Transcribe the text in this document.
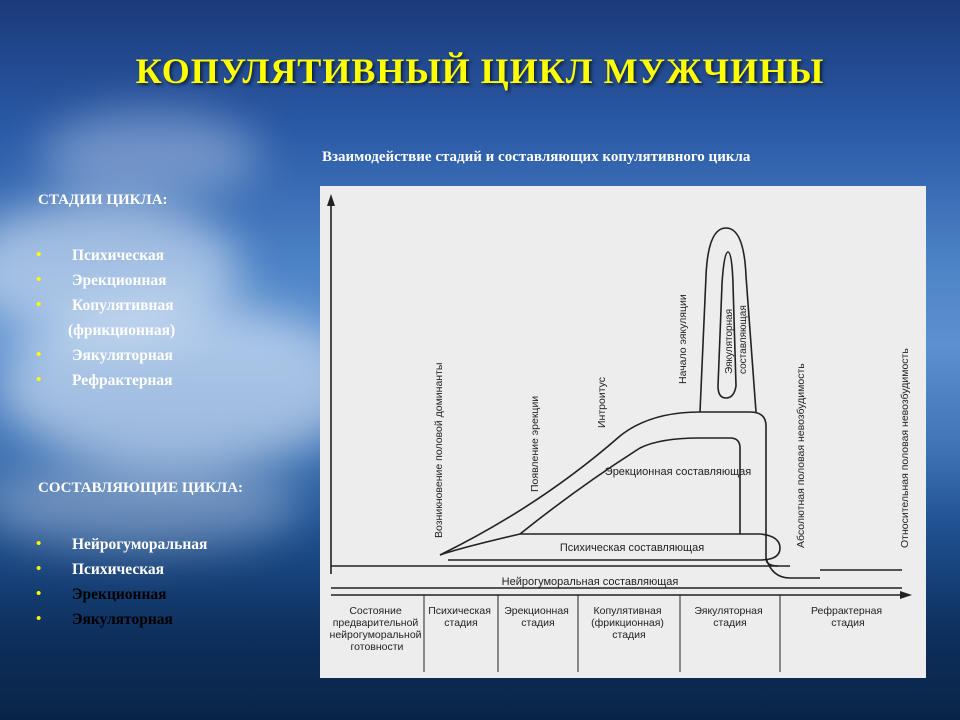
КОПУЛЯТИВНЫЙ ЦИКЛ МУЖЧИНЫ
Взаимодействие стадий и составляющих копулятивного цикла
СТАДИИ ЦИКЛА:
• Психическая
• Эрекционная
• Копулятивная
(фрикционная)
• Эякуляторная
• Рефрактерная
СОСТАВЛЯЮЩИЕ ЦИКЛА:
• Нейрогуморальная
• Психическая
• Эрекционная
• Эякуляторная
Нейрогуморальная составляющая
Психическая составляющая
Эрекционная составляющая
Эякуляторная составляющая
Возникновение половой доминанты	Появление эрекции	Интроитус
Начало эякуляции
Абсолютная половая невозбудимость	Относительная половая невозбудимость
Состояние предварительной нейрогуморальной готовности
Психическая стадия
Эрекционная стадия
Копулятивная (фрикционная) стадия
Эякуляторная стадия
Рефрактерная стадия
